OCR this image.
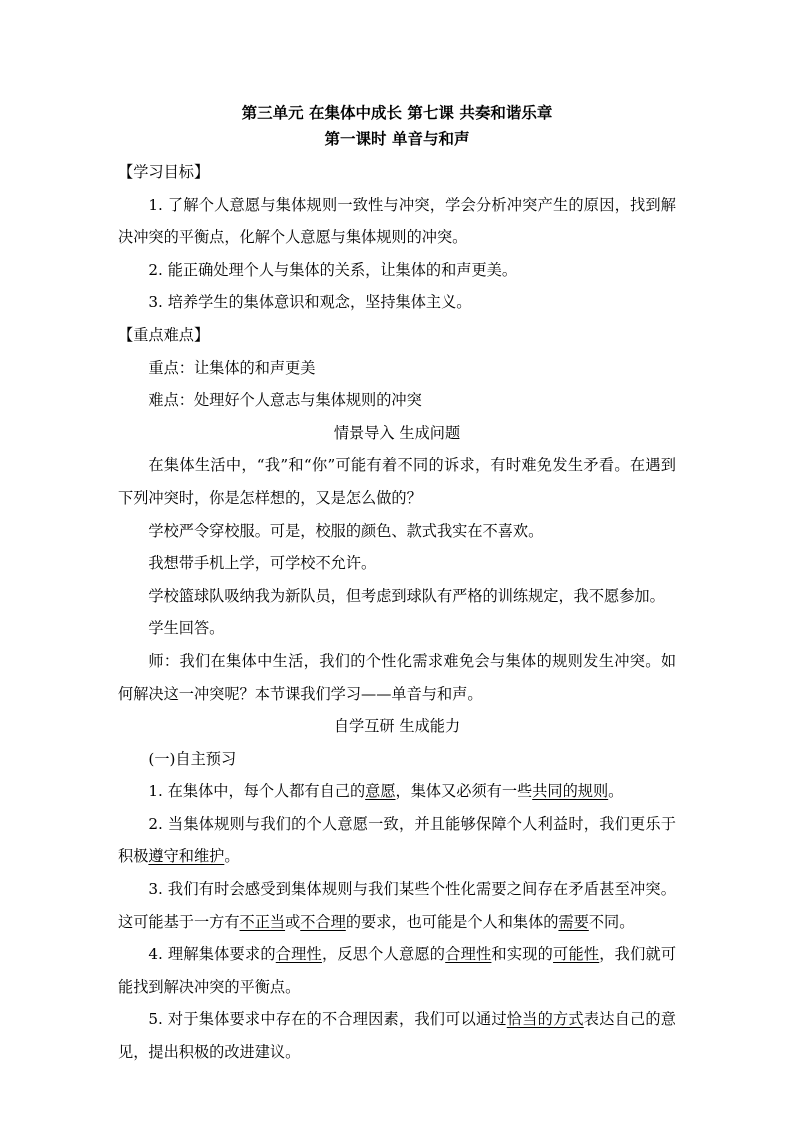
第三单元 在集体中成长 第七课 共奏和谐乐章
第一课时 单音与和声
【学习目标】
1. 了解个人意愿与集体规则一致性与冲突，学会分析冲突产生的原因，找到解决冲突的平衡点，化解个人意愿与集体规则的冲突。
2. 能正确处理个人与集体的关系，让集体的和声更美。
3. 培养学生的集体意识和观念，坚持集体主义。
【重点难点】
重点：让集体的和声更美
难点：处理好个人意志与集体规则的冲突
情景导入 生成问题
在集体生活中，“我”和“你”可能有着不同的诉求，有时难免发生矛看。在遇到下列冲突时，你是怎样想的，又是怎么做的？
学校严令穿校服。可是，校服的颜色、款式我实在不喜欢。
我想带手机上学，可学校不允许。
学校篮球队吸纳我为新队员，但考虑到球队有严格的训练规定，我不愿参加。
学生回答。
师：我们在集体中生活，我们的个性化需求难免会与集体的规则发生冲突。如何解决这一冲突呢？本节课我们学习——单音与和声。
自学互研 生成能力
(一)自主预习
1. 在集体中，每个人都有自己的意愿，集体又必须有一些共同的规则。
2. 当集体规则与我们的个人意愿一致，并且能够保障个人利益时，我们更乐于积极遵守和维护。
3. 我们有时会感受到集体规则与我们某些个性化需要之间存在矛盾甚至冲突。这可能基于一方有不正当或不合理的要求，也可能是个人和集体的需要不同。
4. 理解集体要求的合理性，反思个人意愿的合理性和实现的可能性，我们就可能找到解决冲突的平衡点。
5. 对于集体要求中存在的不合理因素，我们可以通过恰当的方式表达自己的意见，提出积极的改进建议。
